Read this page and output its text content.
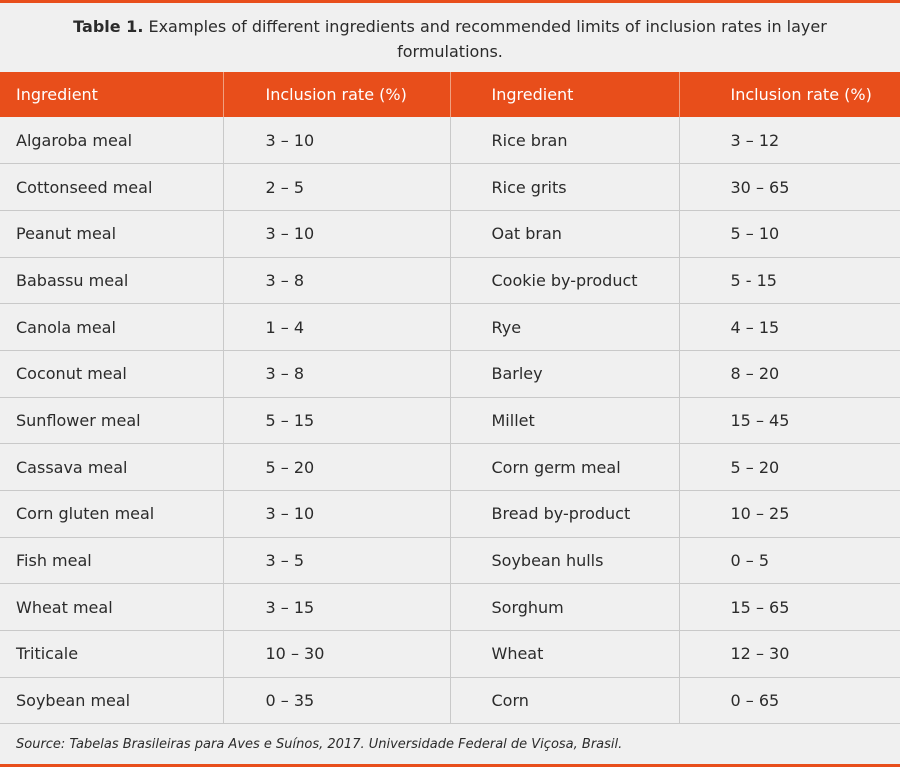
Table 1. Examples of different ingredients and recommended limits of inclusion rates in layer formulations.
Ingredient	Inclusion rate (%)	Ingredient	Inclusion rate (%)
Algaroba meal	3 – 10	Rice bran	3 – 12
Cottonseed meal	2 – 5	Rice grits	30 – 65
Peanut meal	3 – 10	Oat bran	5 – 10
Babassu meal	3 – 8	Cookie by-product	5 - 15
Canola meal	1 – 4	Rye	4 – 15
Coconut meal	3 – 8	Barley	8 – 20
Sunflower meal	5 – 15	Millet	15 – 45
Cassava meal	5 – 20	Corn germ meal	5 – 20
Corn gluten meal	3 – 10	Bread by-product	10 – 25
Fish meal	3 – 5	Soybean hulls	0 – 5
Wheat meal	3 – 15	Sorghum	15 – 65
Triticale	10 – 30	Wheat	12 – 30
Soybean meal	0 – 35	Corn	0 – 65
Source: Tabelas Brasileiras para Aves e Suínos, 2017. Universidade Federal de Viçosa, Brasil.
